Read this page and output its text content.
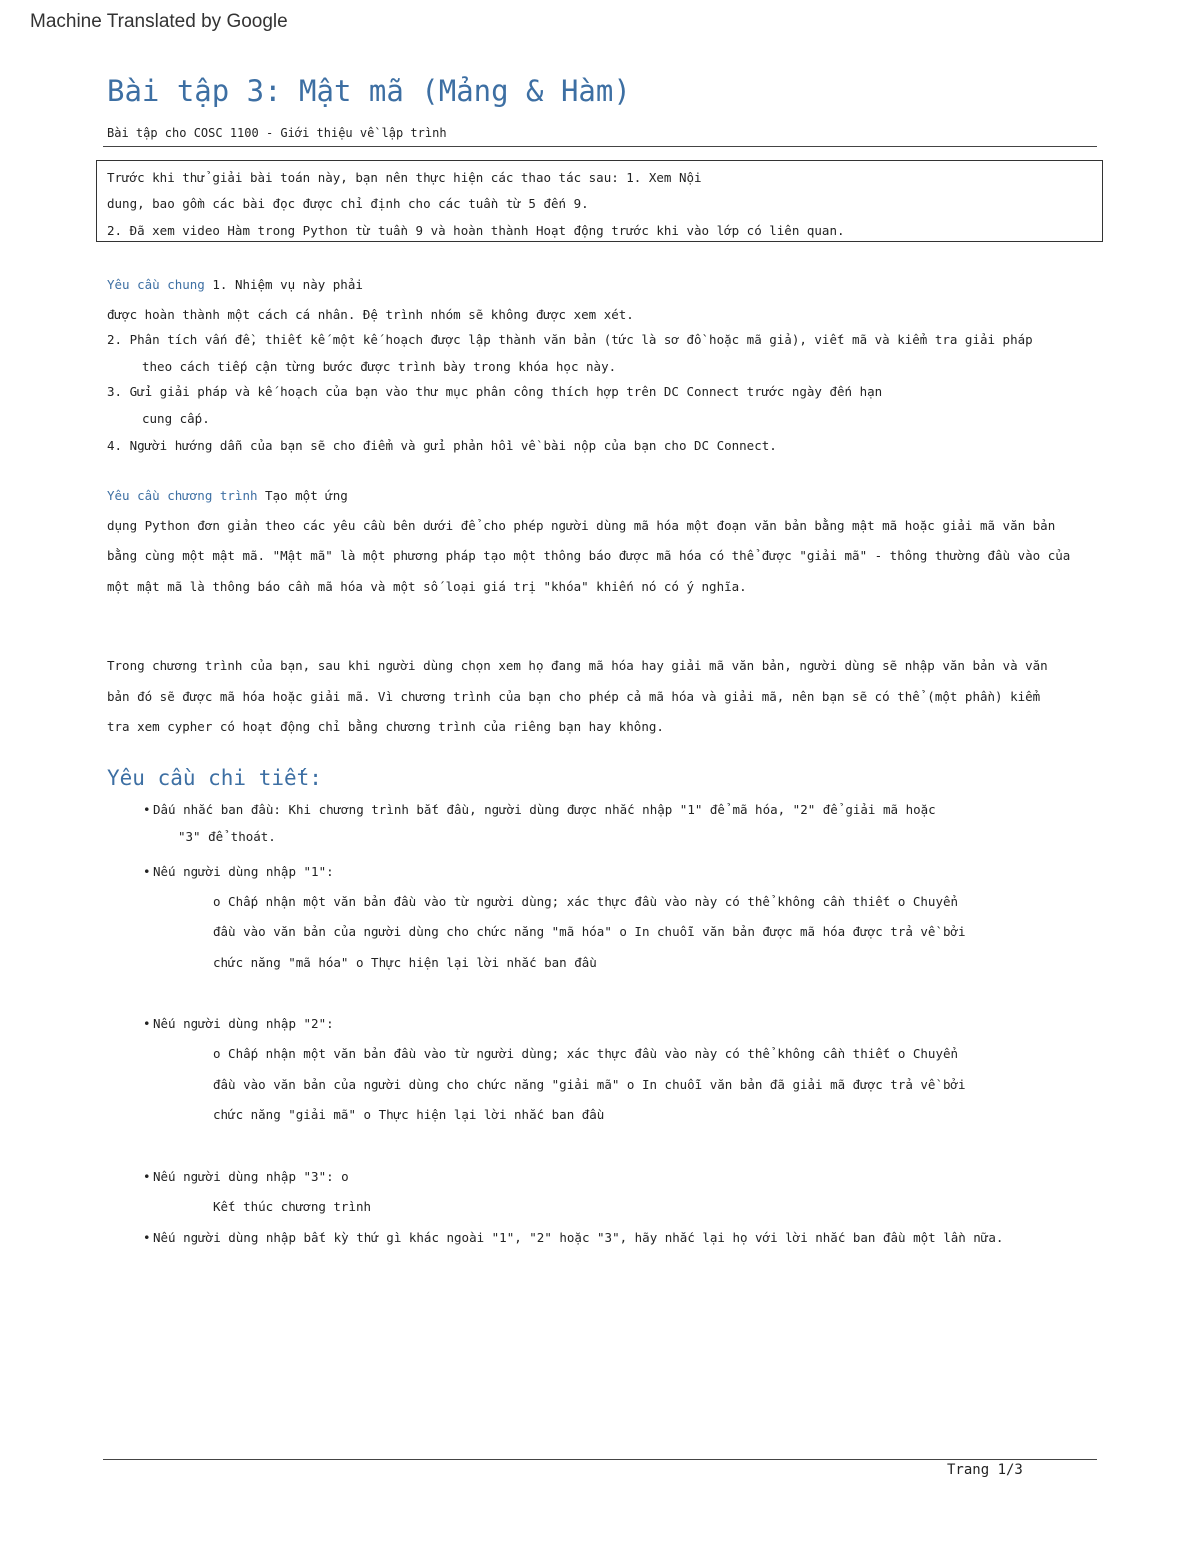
Machine Translated by Google
Bài tập 3: Mật mã (Mảng & Hàm)
Bài tập cho COSC 1100 - Giới thiệu về lập trình
Trước khi thử giải bài toán này, bạn nên thực hiện các thao tác sau: 1. Xem Nội
dung, bao gồm các bài đọc được chỉ định cho các tuần từ 5 đến 9.
2. Đã xem video Hàm trong Python từ tuần 9 và hoàn thành Hoạt động trước khi vào lớp có liên quan.
Yêu cầu chung 1. Nhiệm vụ này phải
được hoàn thành một cách cá nhân. Đệ trình nhóm sẽ không được xem xét.
2. Phân tích vấn đề, thiết kế một kế hoạch được lập thành văn bản (tức là sơ đồ hoặc mã giả), viết mã và kiểm tra giải pháp
theo cách tiếp cận từng bước được trình bày trong khóa học này.
3. Gửi giải pháp và kế hoạch của bạn vào thư mục phân công thích hợp trên DC Connect trước ngày đến hạn
cung cấp.
4. Người hướng dẫn của bạn sẽ cho điểm và gửi phản hồi về bài nộp của bạn cho DC Connect.
Yêu cầu chương trình Tạo một ứng
dụng Python đơn giản theo các yêu cầu bên dưới để cho phép người dùng mã hóa một đoạn văn bản bằng mật mã hoặc giải mã văn bản
bằng cùng một mật mã. "Mật mã" là một phương pháp tạo một thông báo được mã hóa có thể được "giải mã" - thông thường đầu vào của
một mật mã là thông báo cần mã hóa và một số loại giá trị "khóa" khiến nó có ý nghĩa.
Trong chương trình của bạn, sau khi người dùng chọn xem họ đang mã hóa hay giải mã văn bản, người dùng sẽ nhập văn bản và văn
bản đó sẽ được mã hóa hoặc giải mã. Vì chương trình của bạn cho phép cả mã hóa và giải mã, nên bạn sẽ có thể (một phần) kiểm
tra xem cypher có hoạt động chỉ bằng chương trình của riêng bạn hay không.
Yêu cầu chi tiết:
• Dấu nhắc ban đầu: Khi chương trình bắt đầu, người dùng được nhắc nhập "1" để mã hóa, "2" để giải mã hoặc
"3" để thoát.
• Nếu người dùng nhập "1":
o Chấp nhận một văn bản đầu vào từ người dùng; xác thực đầu vào này có thể không cần thiết o Chuyển
đầu vào văn bản của người dùng cho chức năng "mã hóa" o In chuỗi văn bản được mã hóa được trả về bởi
chức năng "mã hóa" o Thực hiện lại lời nhắc ban đầu
• Nếu người dùng nhập "2":
o Chấp nhận một văn bản đầu vào từ người dùng; xác thực đầu vào này có thể không cần thiết o Chuyển
đầu vào văn bản của người dùng cho chức năng "giải mã" o In chuỗi văn bản đã giải mã được trả về bởi
chức năng "giải mã" o Thực hiện lại lời nhắc ban đầu
• Nếu người dùng nhập "3": o
Kết thúc chương trình
• Nếu người dùng nhập bất kỳ thứ gì khác ngoài "1", "2" hoặc "3", hãy nhắc lại họ với lời nhắc ban đầu một lần nữa.
Trang 1/3
